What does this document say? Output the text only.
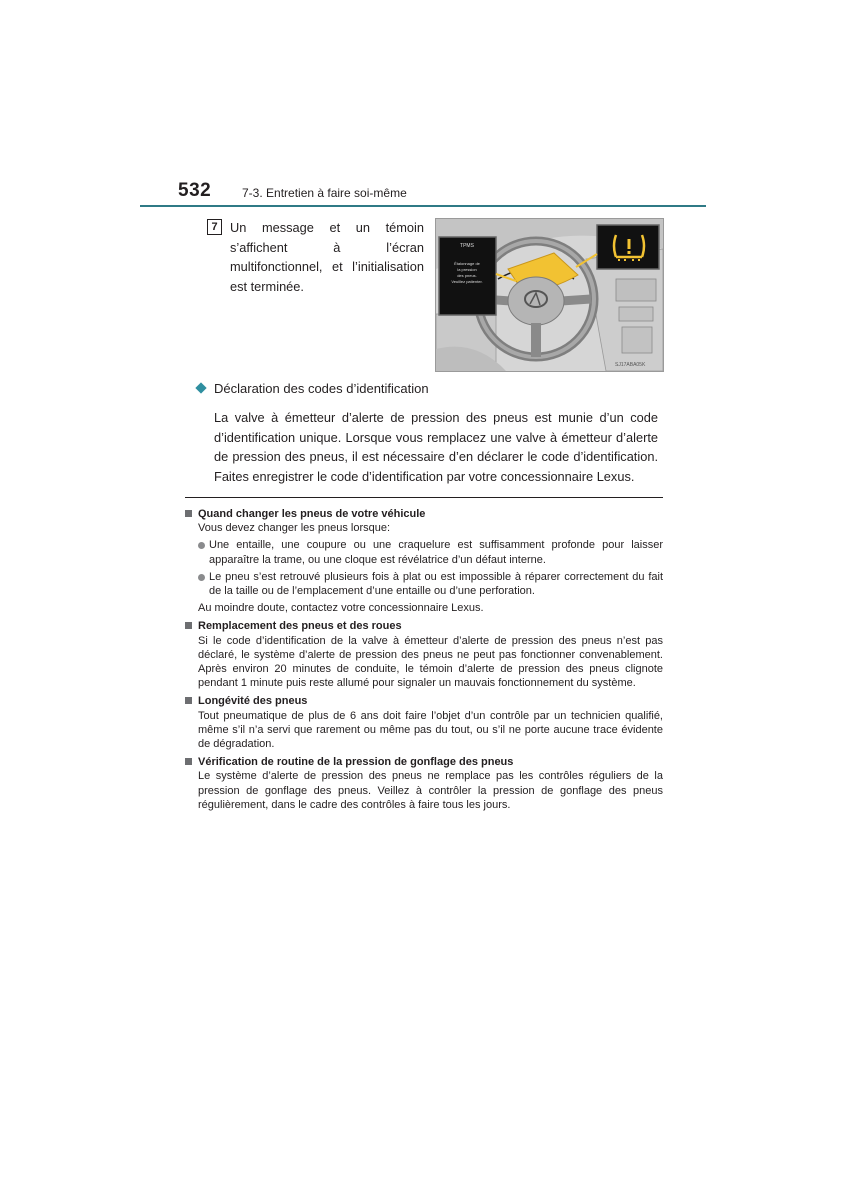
532	7-3. Entretien à faire soi-même
7 Un message et un témoin s’affichent à l’écran multifonctionnel, et l’initialisation est terminée.
TPMS
Étalonnage de
la pression
des pneus.
Veuillez patienter.
SJ17ABA05K
Déclaration des codes d’identification
La valve à émetteur d’alerte de pression des pneus est munie d’un code d’identification unique. Lorsque vous remplacez une valve à émetteur d’alerte de pression des pneus, il est nécessaire d’en déclarer le code d’identification. Faites enregistrer le code d’identification par votre concessionnaire Lexus.
Quand changer les pneus de votre véhicule

Vous devez changer les pneus lorsque:

Une entaille, une coupure ou une craquelure est suffisamment profonde pour laisser apparaître la trame, ou une cloque est révélatrice d’un défaut interne.
Le pneu s’est retrouvé plusieurs fois à plat ou est impossible à réparer correctement du fait de la taille ou de l’emplacement d’une entaille ou d’une perforation.

Au moindre doute, contactez votre concessionnaire Lexus.

Remplacement des pneus et des roues

Si le code d’identification de la valve à émetteur d’alerte de pression des pneus n’est pas déclaré, le système d’alerte de pression des pneus ne peut pas fonctionner convenablement. Après environ 20 minutes de conduite, le témoin d’alerte de pression des pneus clignote pendant 1 minute puis reste allumé pour signaler un mauvais fonctionnement du système.

Longévité des pneus

Tout pneumatique de plus de 6 ans doit faire l’objet d’un contrôle par un technicien qualifié, même s’il n’a servi que rarement ou même pas du tout, ou s’il ne porte aucune trace évidente de dégradation.

Vérification de routine de la pression de gonflage des pneus

Le système d’alerte de pression des pneus ne remplace pas les contrôles réguliers de la pression de gonflage des pneus. Veillez à contrôler la pression de gonflage des pneus régulièrement, dans le cadre des contrôles à faire tous les jours.
